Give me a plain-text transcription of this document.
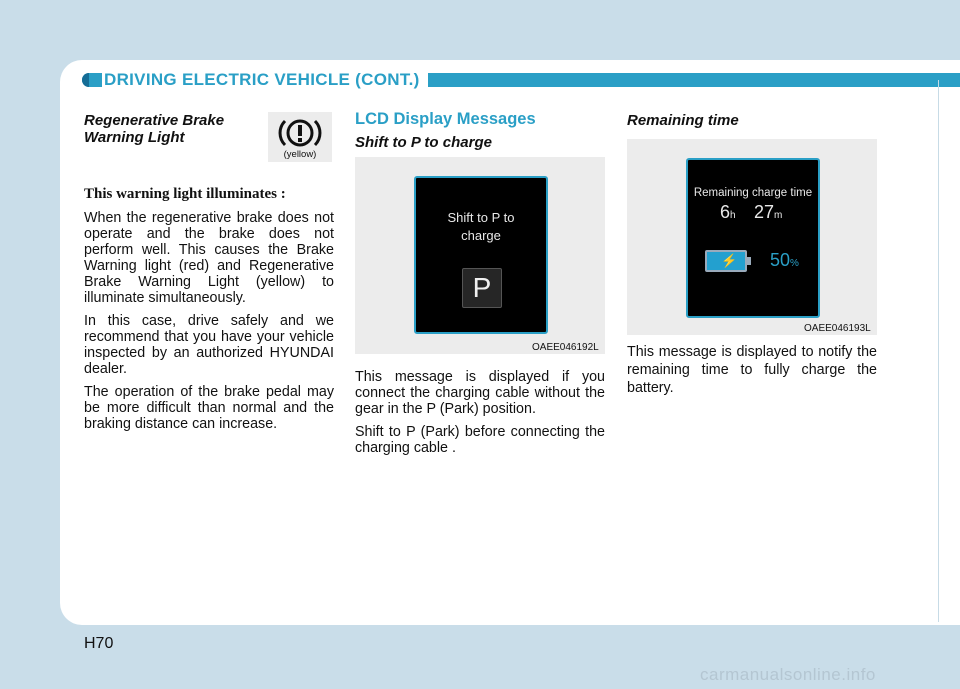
DRIVING ELECTRIC VEHICLE (CONT.)
Regenerative Brake
Warning Light
(yellow)

This warning light illuminates :

When the regenerative brake does not operate and the brake does not perform well. This causes the Brake Warning light (red) and Regenerative Brake Warning Light (yellow) to illuminate simultaneously.

In this case, drive safely and we recommend that you have your vehicle inspected by an authorized HYUNDAI dealer.

The operation of the brake pedal may be more difficult than normal and the braking distance can increase.

LCD Display Messages
Shift to P to charge
Shift to P to
charge
P
OAEE046192L

This message is displayed if you connect the charging cable without the gear in the P (Park) position.

Shift to P (Park) before connecting the charging cable .

Remaining time
Remaining charge time
6h 27m
⚡ 50%
OAEE046193L

This message is displayed to notify the remaining time to fully charge the battery.

H70
carmanualsonline.info
